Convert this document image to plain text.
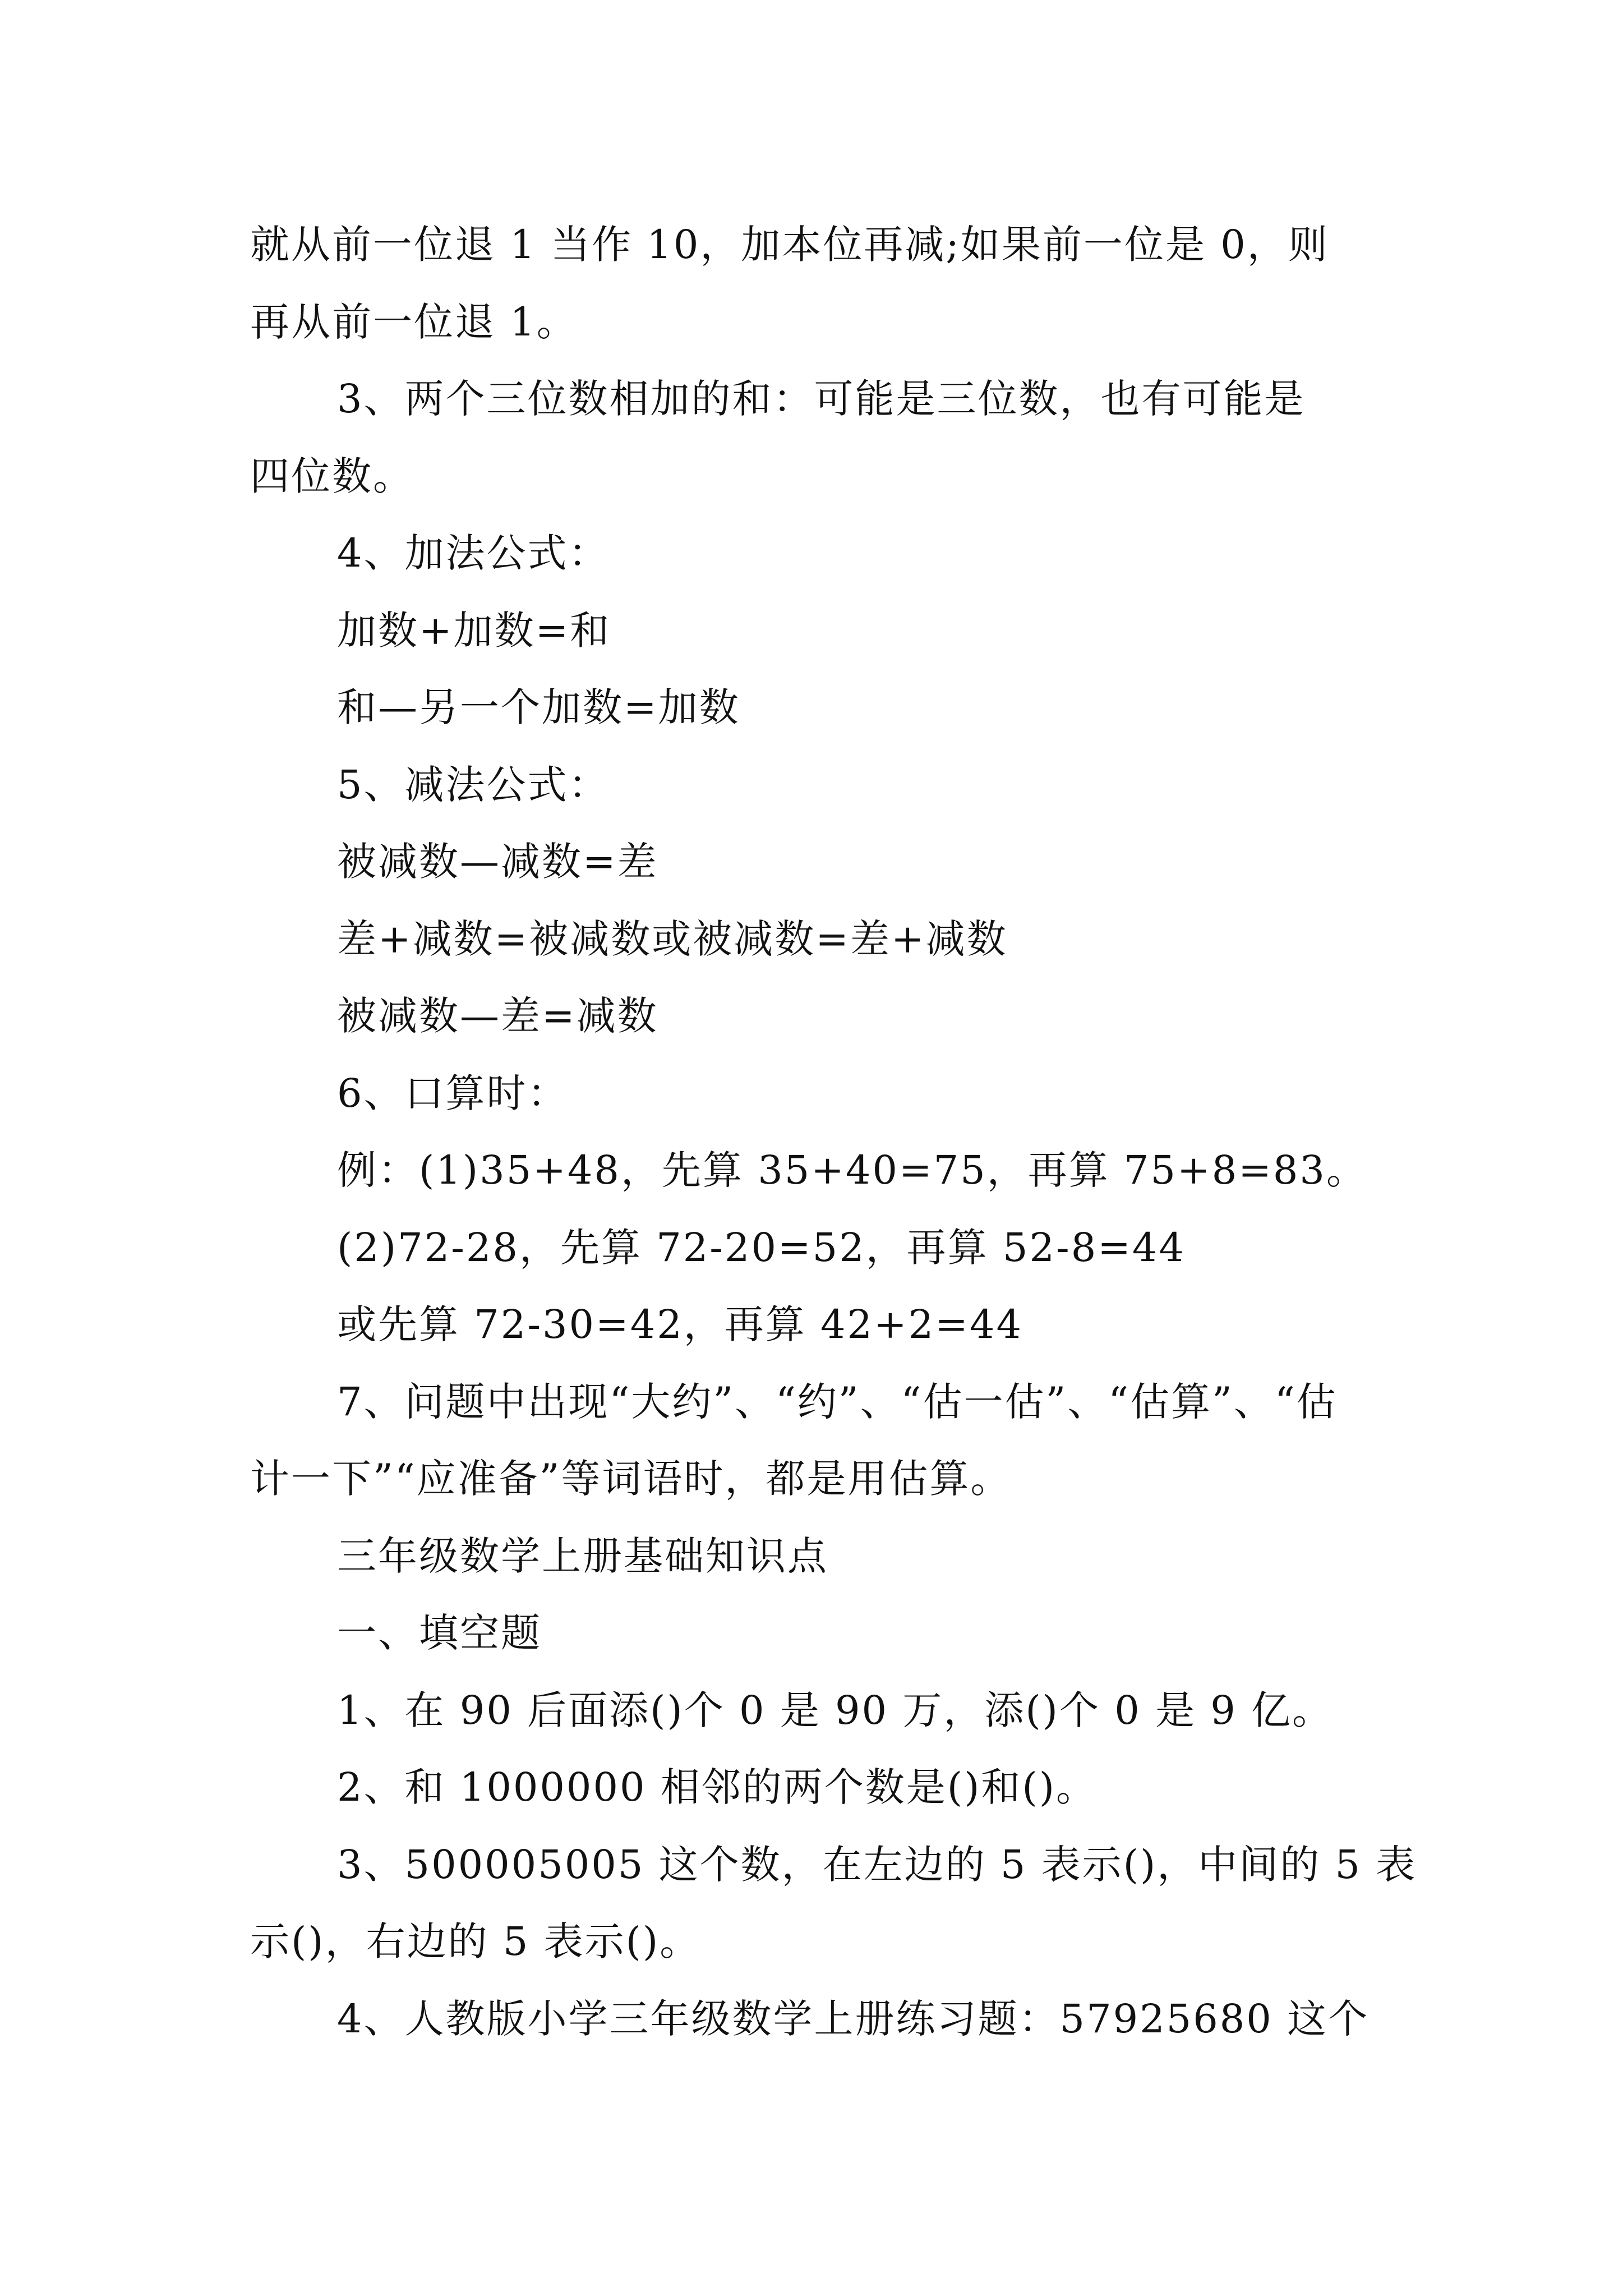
就从前一位退 1 当作 10，加本位再减;如果前一位是 0，则
再从前一位退 1。
3、两个三位数相加的和：可能是三位数，也有可能是
四位数。
4、加法公式：
加数+加数=和
和—另一个加数=加数
5、减法公式：
被减数—减数=差
差+减数=被减数或被减数=差+减数
被减数—差=减数
6、口算时：
例：(1)35+48，先算 35+40=75，再算 75+8=83。
(2)72-28，先算 72-20=52，再算 52-8=44
或先算 72-30=42，再算 42+2=44
7、问题中出现“大约”、“约”、“估一估”、“估算”、“估
计一下”“应准备”等词语时，都是用估算。
三年级数学上册基础知识点
一、填空题
1、在 90 后面添()个 0 是 90 万，添()个 0 是 9 亿。
2、和 1000000 相邻的两个数是()和()。
3、500005005 这个数，在左边的 5 表示()，中间的 5 表
示()，右边的 5 表示()。
4、人教版小学三年级数学上册练习题：57925680 这个
